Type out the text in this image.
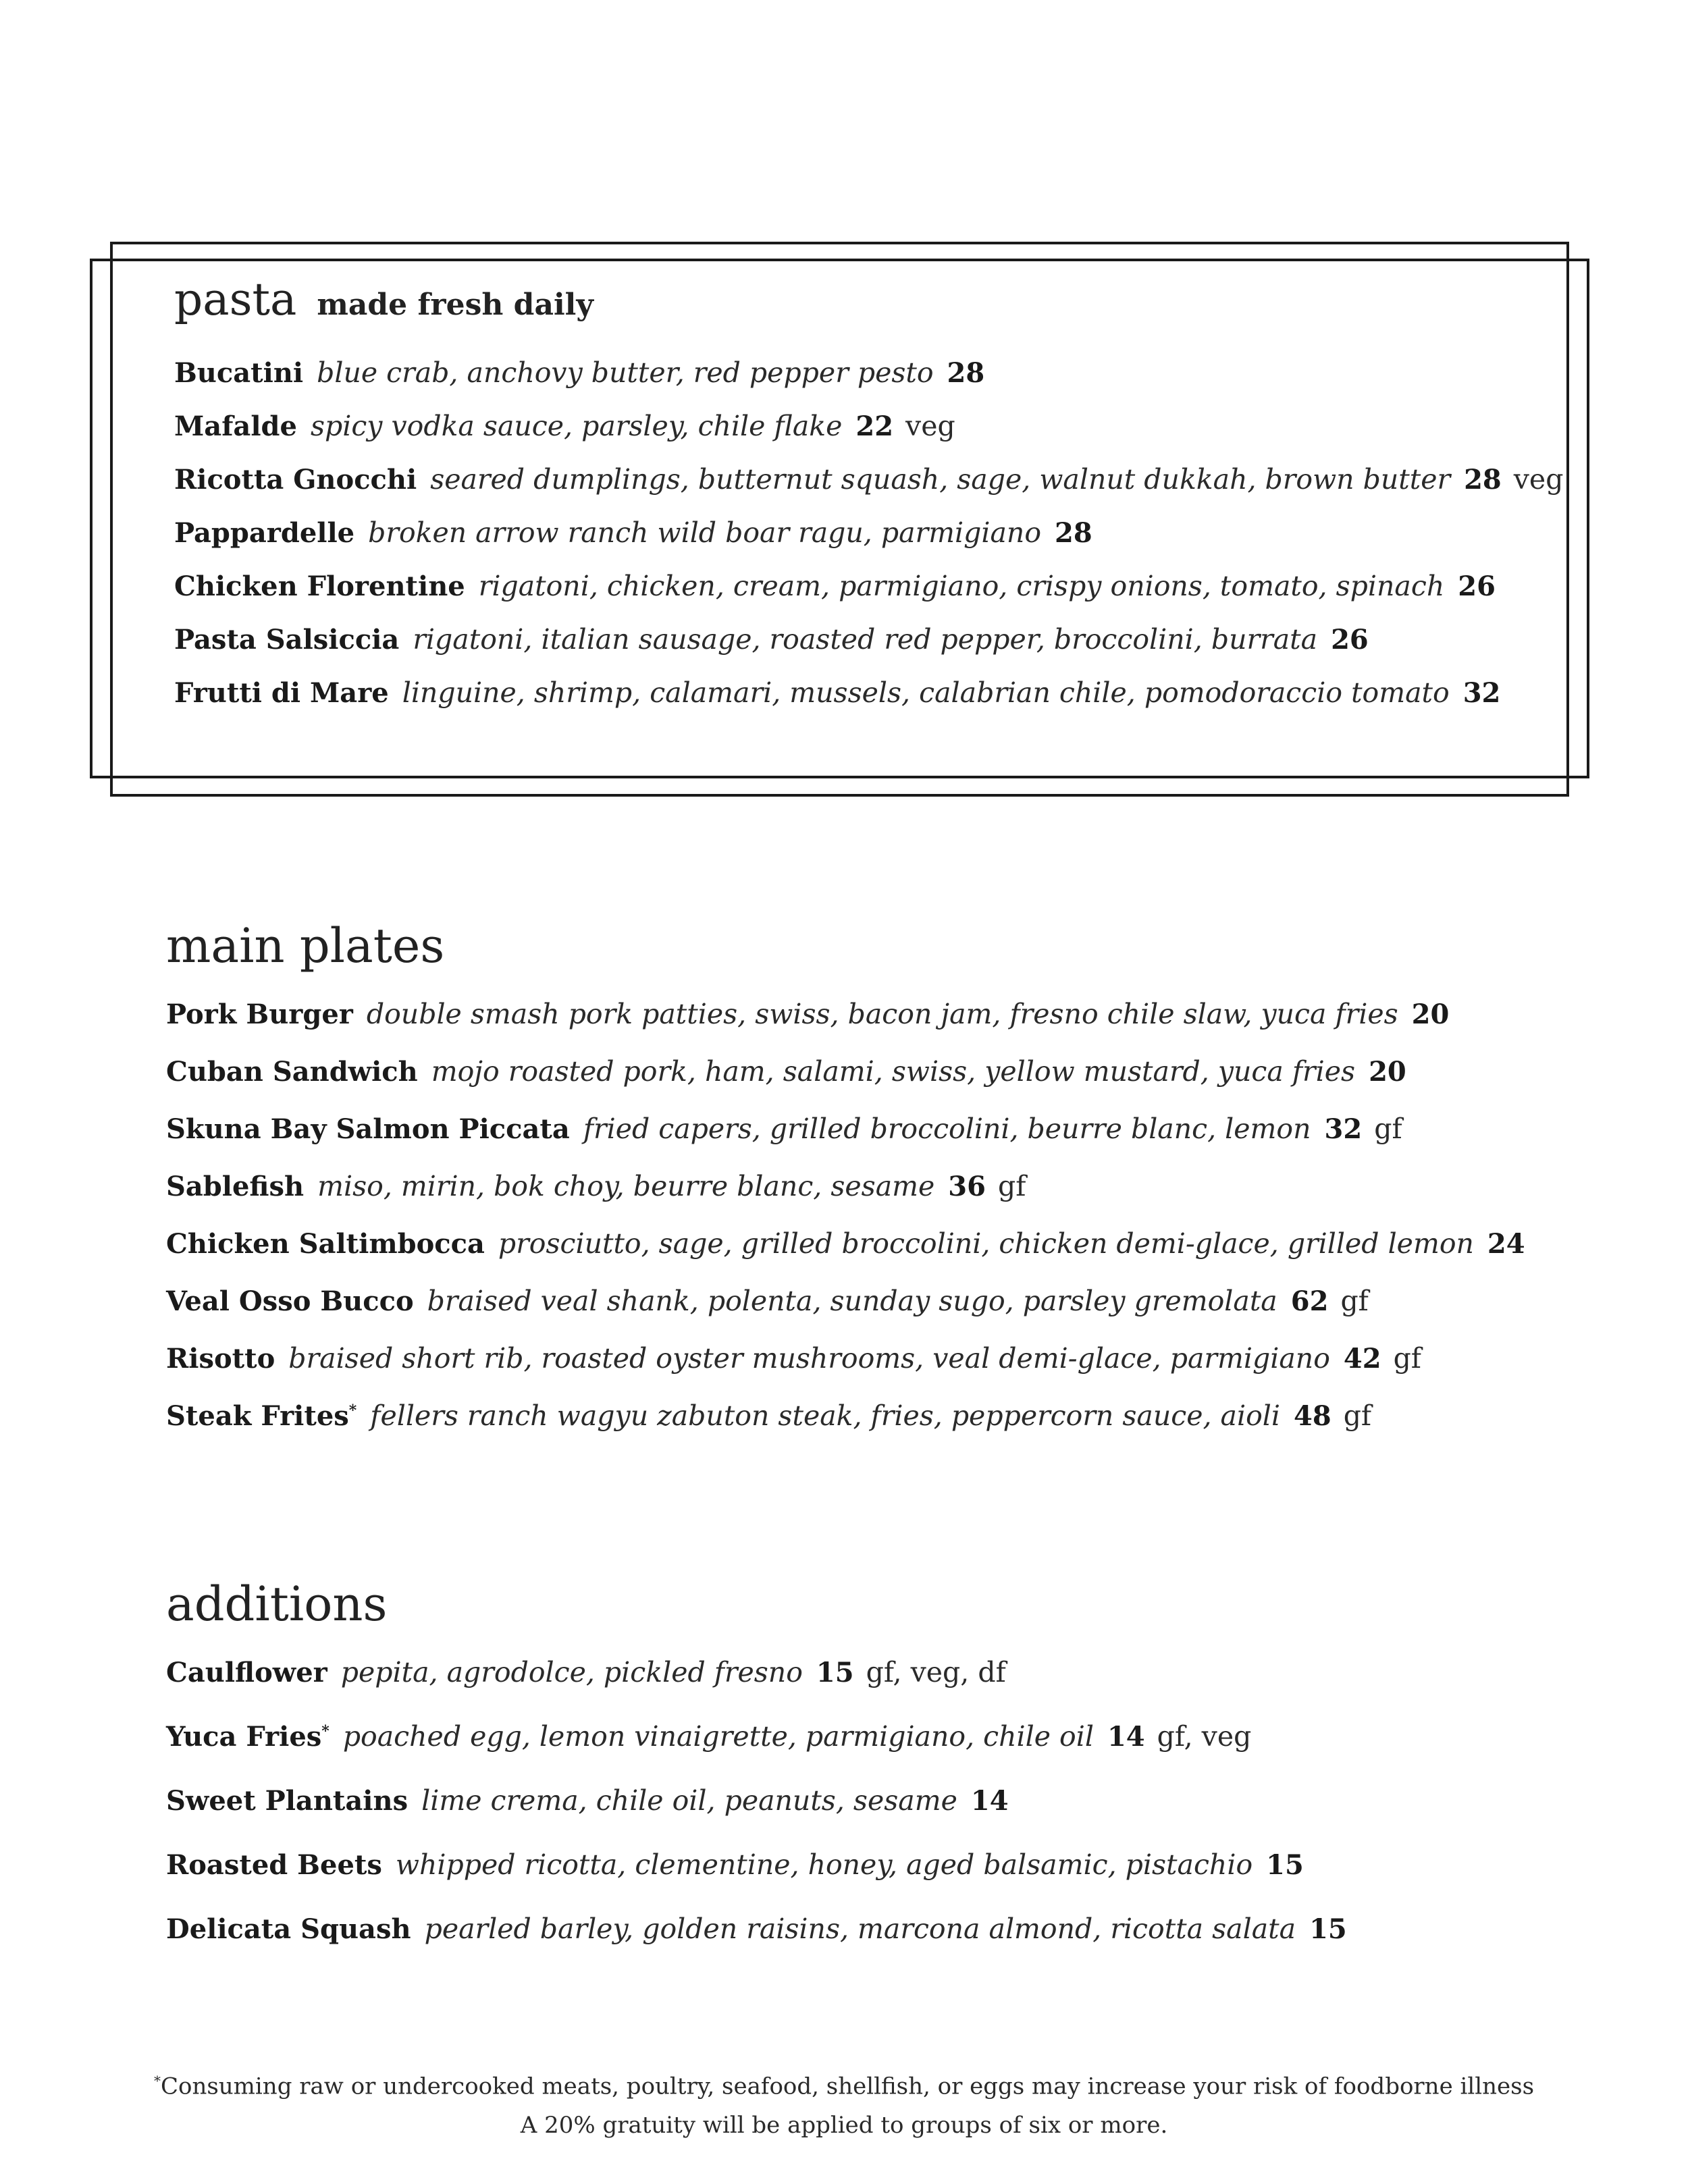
pasta made fresh daily
Bucatini blue crab, anchovy butter, red pepper pesto 28
Mafalde spicy vodka sauce, parsley, chile flake 22 veg
Ricotta Gnocchi seared dumplings, butternut squash, sage, walnut dukkah, brown butter 28 veg
Pappardelle broken arrow ranch wild boar ragu, parmigiano 28
Chicken Florentine rigatoni, chicken, cream, parmigiano, crispy onions, tomato, spinach 26
Pasta Salsiccia rigatoni, italian sausage, roasted red pepper, broccolini, burrata 26
Frutti di Mare linguine, shrimp, calamari, mussels, calabrian chile, pomodoraccio tomato 32
main plates
Pork Burger double smash pork patties, swiss, bacon jam, fresno chile slaw, yuca fries 20
Cuban Sandwich mojo roasted pork, ham, salami, swiss, yellow mustard, yuca fries 20
Skuna Bay Salmon Piccata fried capers, grilled broccolini, beurre blanc, lemon 32 gf
Sablefish miso, mirin, bok choy, beurre blanc, sesame 36 gf
Chicken Saltimbocca prosciutto, sage, grilled broccolini, chicken demi-glace, grilled lemon 24
Veal Osso Bucco braised veal shank, polenta, sunday sugo, parsley gremolata 62 gf
Risotto braised short rib, roasted oyster mushrooms, veal demi-glace, parmigiano 42 gf
Steak Frites* fellers ranch wagyu zabuton steak, fries, peppercorn sauce, aioli 48 gf
additions
Caulflower pepita, agrodolce, pickled fresno 15 gf, veg, df
Yuca Fries* poached egg, lemon vinaigrette, parmigiano, chile oil 14 gf, veg
Sweet Plantains lime crema, chile oil, peanuts, sesame 14
Roasted Beets whipped ricotta, clementine, honey, aged balsamic, pistachio 15
Delicata Squash pearled barley, golden raisins, marcona almond, ricotta salata 15
*Consuming raw or undercooked meats, poultry, seafood, shellfish, or eggs may increase your risk of foodborne illness
A 20% gratuity will be applied to groups of six or more.
